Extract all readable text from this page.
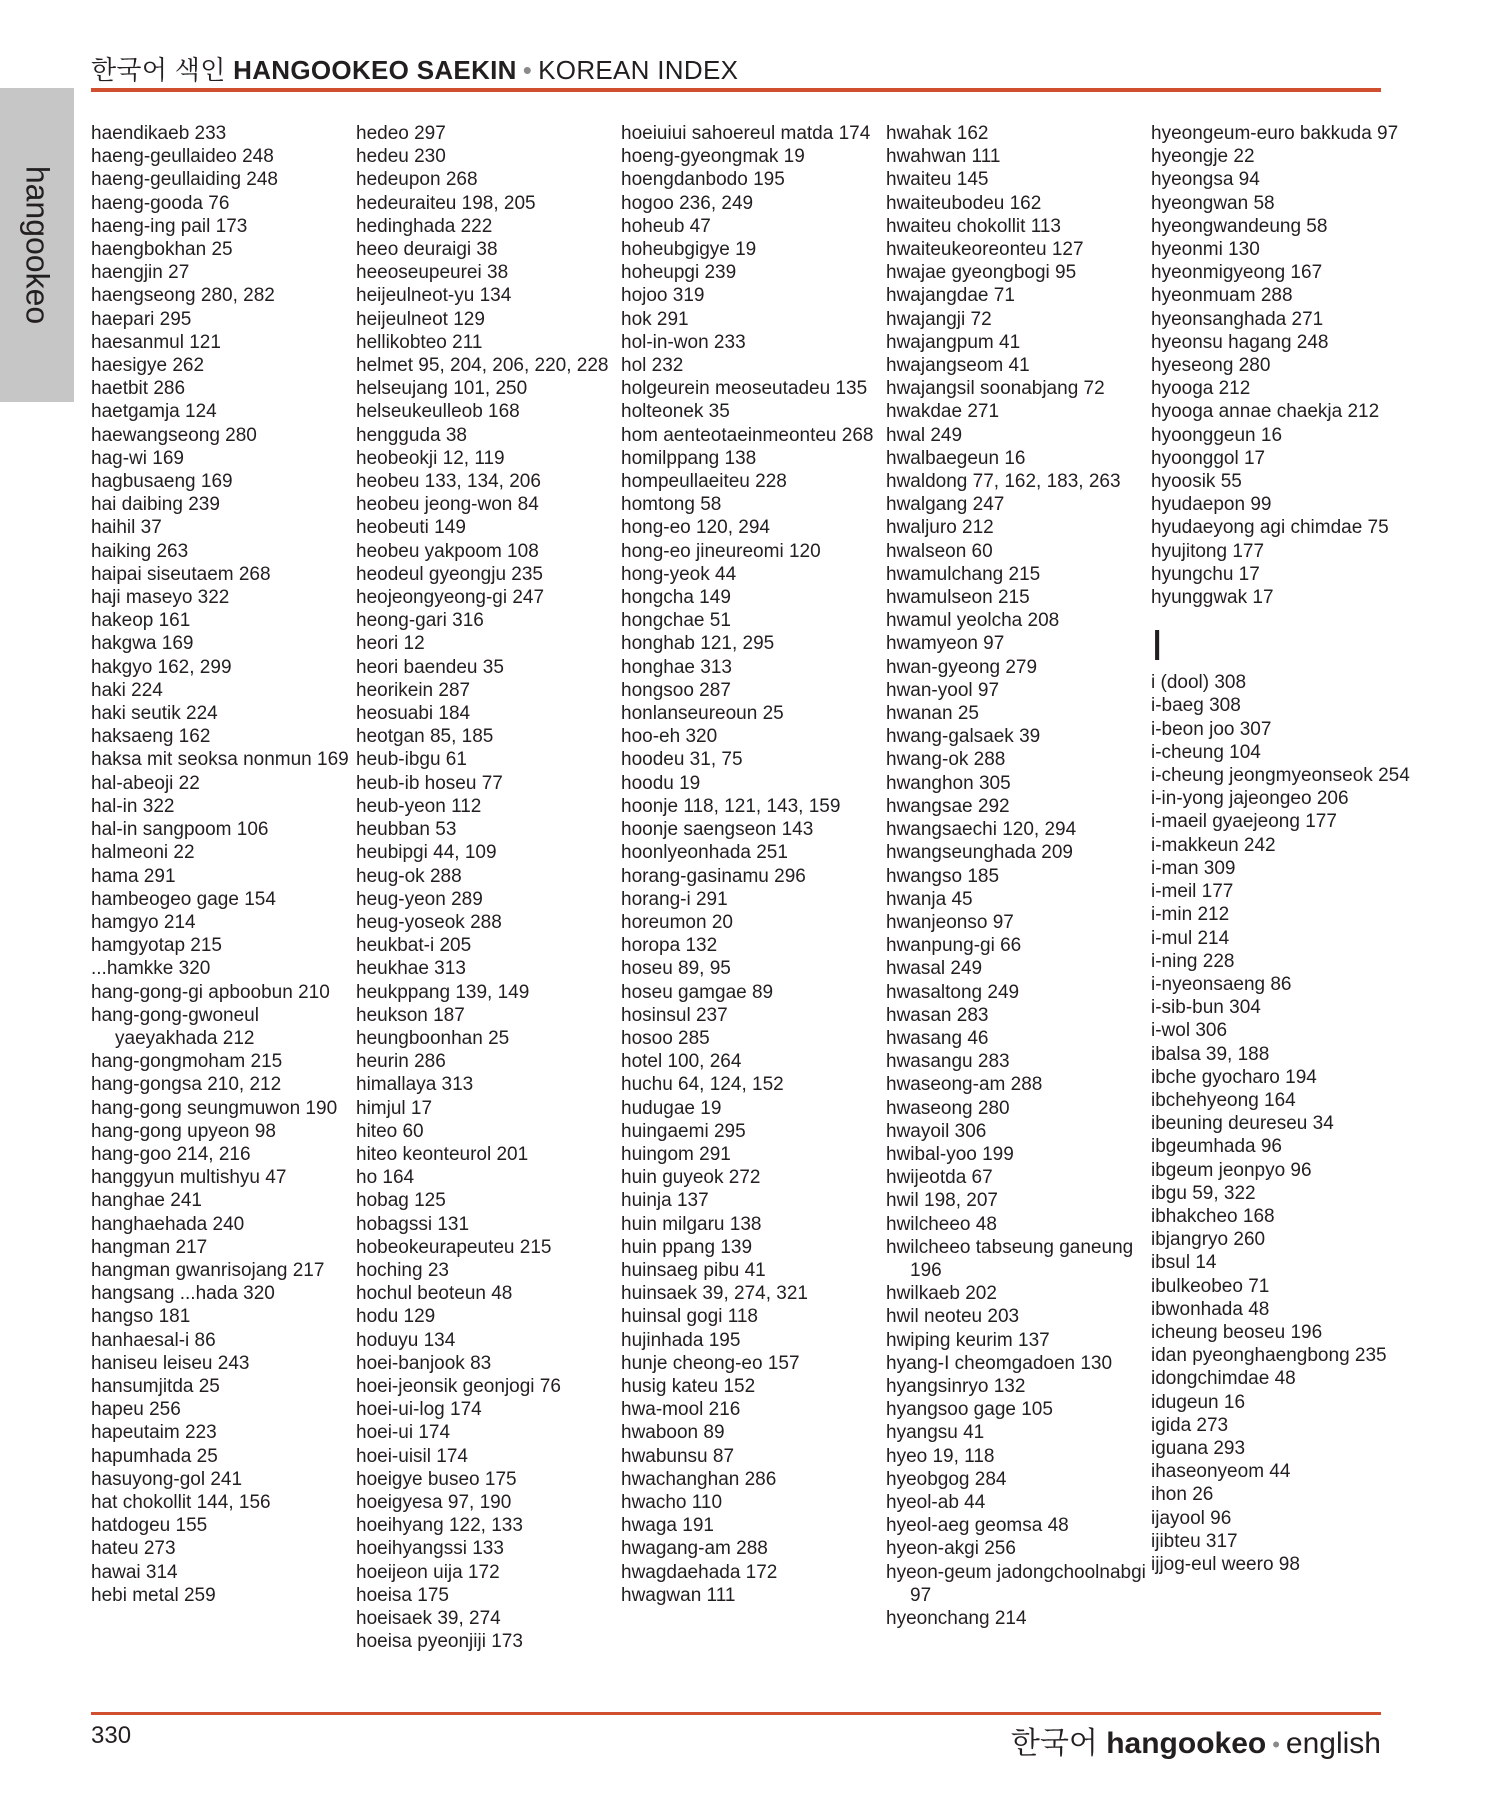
한국어 색인 HANGOOKEO SAEKIN • KOREAN INDEX
hangookeo
haendikaeb 233
haeng-geullaideo 248
haeng-geullaiding 248
haeng-gooda 76
haeng-ing pail 173
haengbokhan 25
haengjin 27
haengseong 280, 282
haepari 295
haesanmul 121
haesigye 262
haetbit 286
haetgamja 124
haewangseong 280
hag-wi 169
hagbusaeng 169
hai daibing 239
haihil 37
haiking 263
haipai siseutaem 268
haji maseyo 322
hakeop 161
hakgwa 169
hakgyo 162, 299
haki 224
haki seutik 224
haksaeng 162
haksa mit seoksa nonmun 169
hal-abeoji 22
hal-in 322
hal-in sangpoom 106
halmeoni 22
hama 291
hambeogeo gage 154
hamgyo 214
hamgyotap 215
...hamkke 320
hang-gong-gi apboobun 210
hang-gong-gwoneul yaeyakhada 212
hang-gongmoham 215
hang-gongsa 210, 212
hang-gong seungmuwon 190
hang-gong upyeon 98
hang-goo 214, 216
hanggyun multishyu 47
hanghae 241
hanghaehada 240
hangman 217
hangman gwanrisojang 217
hangsang ...hada 320
hangso 181
hanhaesal-i 86
haniseu leiseu 243
hansumjitda 25
hapeu 256
hapeutaim 223
hapumhada 25
hasuyong-gol 241
hat chokollit 144, 156
hatdogeu 155
hateu 273
hawai 314
hebi metal 259
hedeo 297
hedeu 230
hedeupon 268
hedeuraiteu 198, 205
hedinghada 222
heeo deuraigi 38
heeoseupeurei 38
heijeulneot-yu 134
heijeulneot 129
hellikobteo 211
helmet 95, 204, 206, 220, 228
helseujang 101, 250
helseukeulleob 168
hengguda 38
heobeokji 12, 119
heobeu 133, 134, 206
heobeu jeong-won 84
heobeuti 149
heobeu yakpoom 108
heodeul gyeongju 235
heojeongyeong-gi 247
heong-gari 316
heori 12
heori baendeu 35
heorikein 287
heosuabi 184
heotgan 85, 185
heub-ibgu 61
heub-ib hoseu 77
heub-yeon 112
heubban 53
heubipgi 44, 109
heug-ok 288
heug-yeon 289
heug-yoseok 288
heukbat-i 205
heukhae 313
heukppang 139, 149
heukson 187
heungboonhan 25
heurin 286
himallaya 313
himjul 17
hiteo 60
hiteo keonteurol 201
ho 164
hobag 125
hobagssi 131
hobeokeurapeuteu 215
hoching 23
hochul beoteun 48
hodu 129
hoduyu 134
hoei-banjook 83
hoei-jeonsik geonjogi 76
hoei-ui-log 174
hoei-ui 174
hoei-uisil 174
hoeigye buseo 175
hoeigyesa 97, 190
hoeihyang 122, 133
hoeihyangssi 133
hoeijeon uija 172
hoeisa 175
hoeisaek 39, 274
hoeisa pyeonjiji 173
hoeiuiui sahoereul matda 174
hoeng-gyeongmak 19
hoengdanbodo 195
hogoo 236, 249
hoheub 47
hoheubgigye 19
hoheupgi 239
hojoo 319
hok 291
hol-in-won 233
hol 232
holgeurein meoseutadeu 135
holteonek 35
hom aenteotaeinmeonteu 268
homilppang 138
hompeullaeiteu 228
homtong 58
hong-eo 120, 294
hong-eo jineureomi 120
hong-yeok 44
hongcha 149
hongchae 51
honghab 121, 295
honghae 313
hongsoo 287
honlanseureoun 25
hoo-eh 320
hoodeu 31, 75
hoodu 19
hoonje 118, 121, 143, 159
hoonje saengseon 143
hoonlyeonhada 251
horang-gasinamu 296
horang-i 291
horeumon 20
horopa 132
hoseu 89, 95
hoseu gamgae 89
hosinsul 237
hosoo 285
hotel 100, 264
huchu 64, 124, 152
hudugae 19
huingaemi 295
huingom 291
huin guyeok 272
huinja 137
huin milgaru 138
huin ppang 139
huinsaeg pibu 41
huinsaek 39, 274, 321
huinsal gogi 118
hujinhada 195
hunje cheong-eo 157
husig kateu 152
hwa-mool 216
hwaboon 89
hwabunsu 87
hwachanghan 286
hwacho 110
hwaga 191
hwagang-am 288
hwagdaehada 172
hwagwan 111
hwahak 162
hwahwan 111
hwaiteu 145
hwaiteubodeu 162
hwaiteu chokollit 113
hwaiteukeoreonteu 127
hwajae gyeongbogi 95
hwajangdae 71
hwajangji 72
hwajangpum 41
hwajangseom 41
hwajangsil soonabjang 72
hwakdae 271
hwal 249
hwalbaegeun 16
hwaldong 77, 162, 183, 263
hwalgang 247
hwaljuro 212
hwalseon 60
hwamulchang 215
hwamulseon 215
hwamul yeolcha 208
hwamyeon 97
hwan-gyeong 279
hwan-yool 97
hwanan 25
hwang-galsaek 39
hwang-ok 288
hwanghon 305
hwangsae 292
hwangsaechi 120, 294
hwangseunghada 209
hwangso 185
hwanja 45
hwanjeonso 97
hwanpung-gi 66
hwasal 249
hwasaltong 249
hwasan 283
hwasang 46
hwasangu 283
hwaseong-am 288
hwaseong 280
hwayoil 306
hwibal-yoo 199
hwijeotda 67
hwil 198, 207
hwilcheeo 48
hwilcheeo tabseung ganeung 196
hwilkaeb 202
hwil neoteu 203
hwiping keurim 137
hyang-I cheomgadoen 130
hyangsinryo 132
hyangsoo gage 105
hyangsu 41
hyeo 19, 118
hyeobgog 284
hyeol-ab 44
hyeol-aeg geomsa 48
hyeon-akgi 256
hyeon-geum jadongchoolnabgi 97
hyeonchang 214
hyeongeum-euro bakkuda 97
hyeongje 22
hyeongsa 94
hyeongwan 58
hyeongwandeung 58
hyeonmi 130
hyeonmigyeong 167
hyeonmuam 288
hyeonsanghada 271
hyeonsu hagang 248
hyeseong 280
hyooga 212
hyooga annae chaekja 212
hyoonggeun 16
hyoonggol 17
hyoosik 55
hyudaepon 99
hyudaeyong agi chimdae 75
hyujitong 177
hyungchu 17
hyunggwak 17
I
i (dool) 308
i-baeg 308
i-beon joo 307
i-cheung 104
i-cheung jeongmyeonseok 254
i-in-yong jajeongeo 206
i-maeil gyaejeong 177
i-makkeun 242
i-man 309
i-meil 177
i-min 212
i-mul 214
i-ning 228
i-nyeonsaeng 86
i-sib-bun 304
i-wol 306
ibalsa 39, 188
ibche gyocharo 194
ibchehyeong 164
ibeuning deureseu 34
ibgeumhada 96
ibgeum jeonpyo 96
ibgu 59, 322
ibhakcheo 168
ibjangryo 260
ibsul 14
ibulkeobeo 71
ibwonhada 48
icheung beoseu 196
idan pyeonghaengbong 235
idongchimdae 48
idugeun 16
igida 273
iguana 293
ihaseonyeom 44
ihon 26
ijayool 96
ijibteu 317
ijjog-eul weero 98
330	한국어 hangookeo • english
